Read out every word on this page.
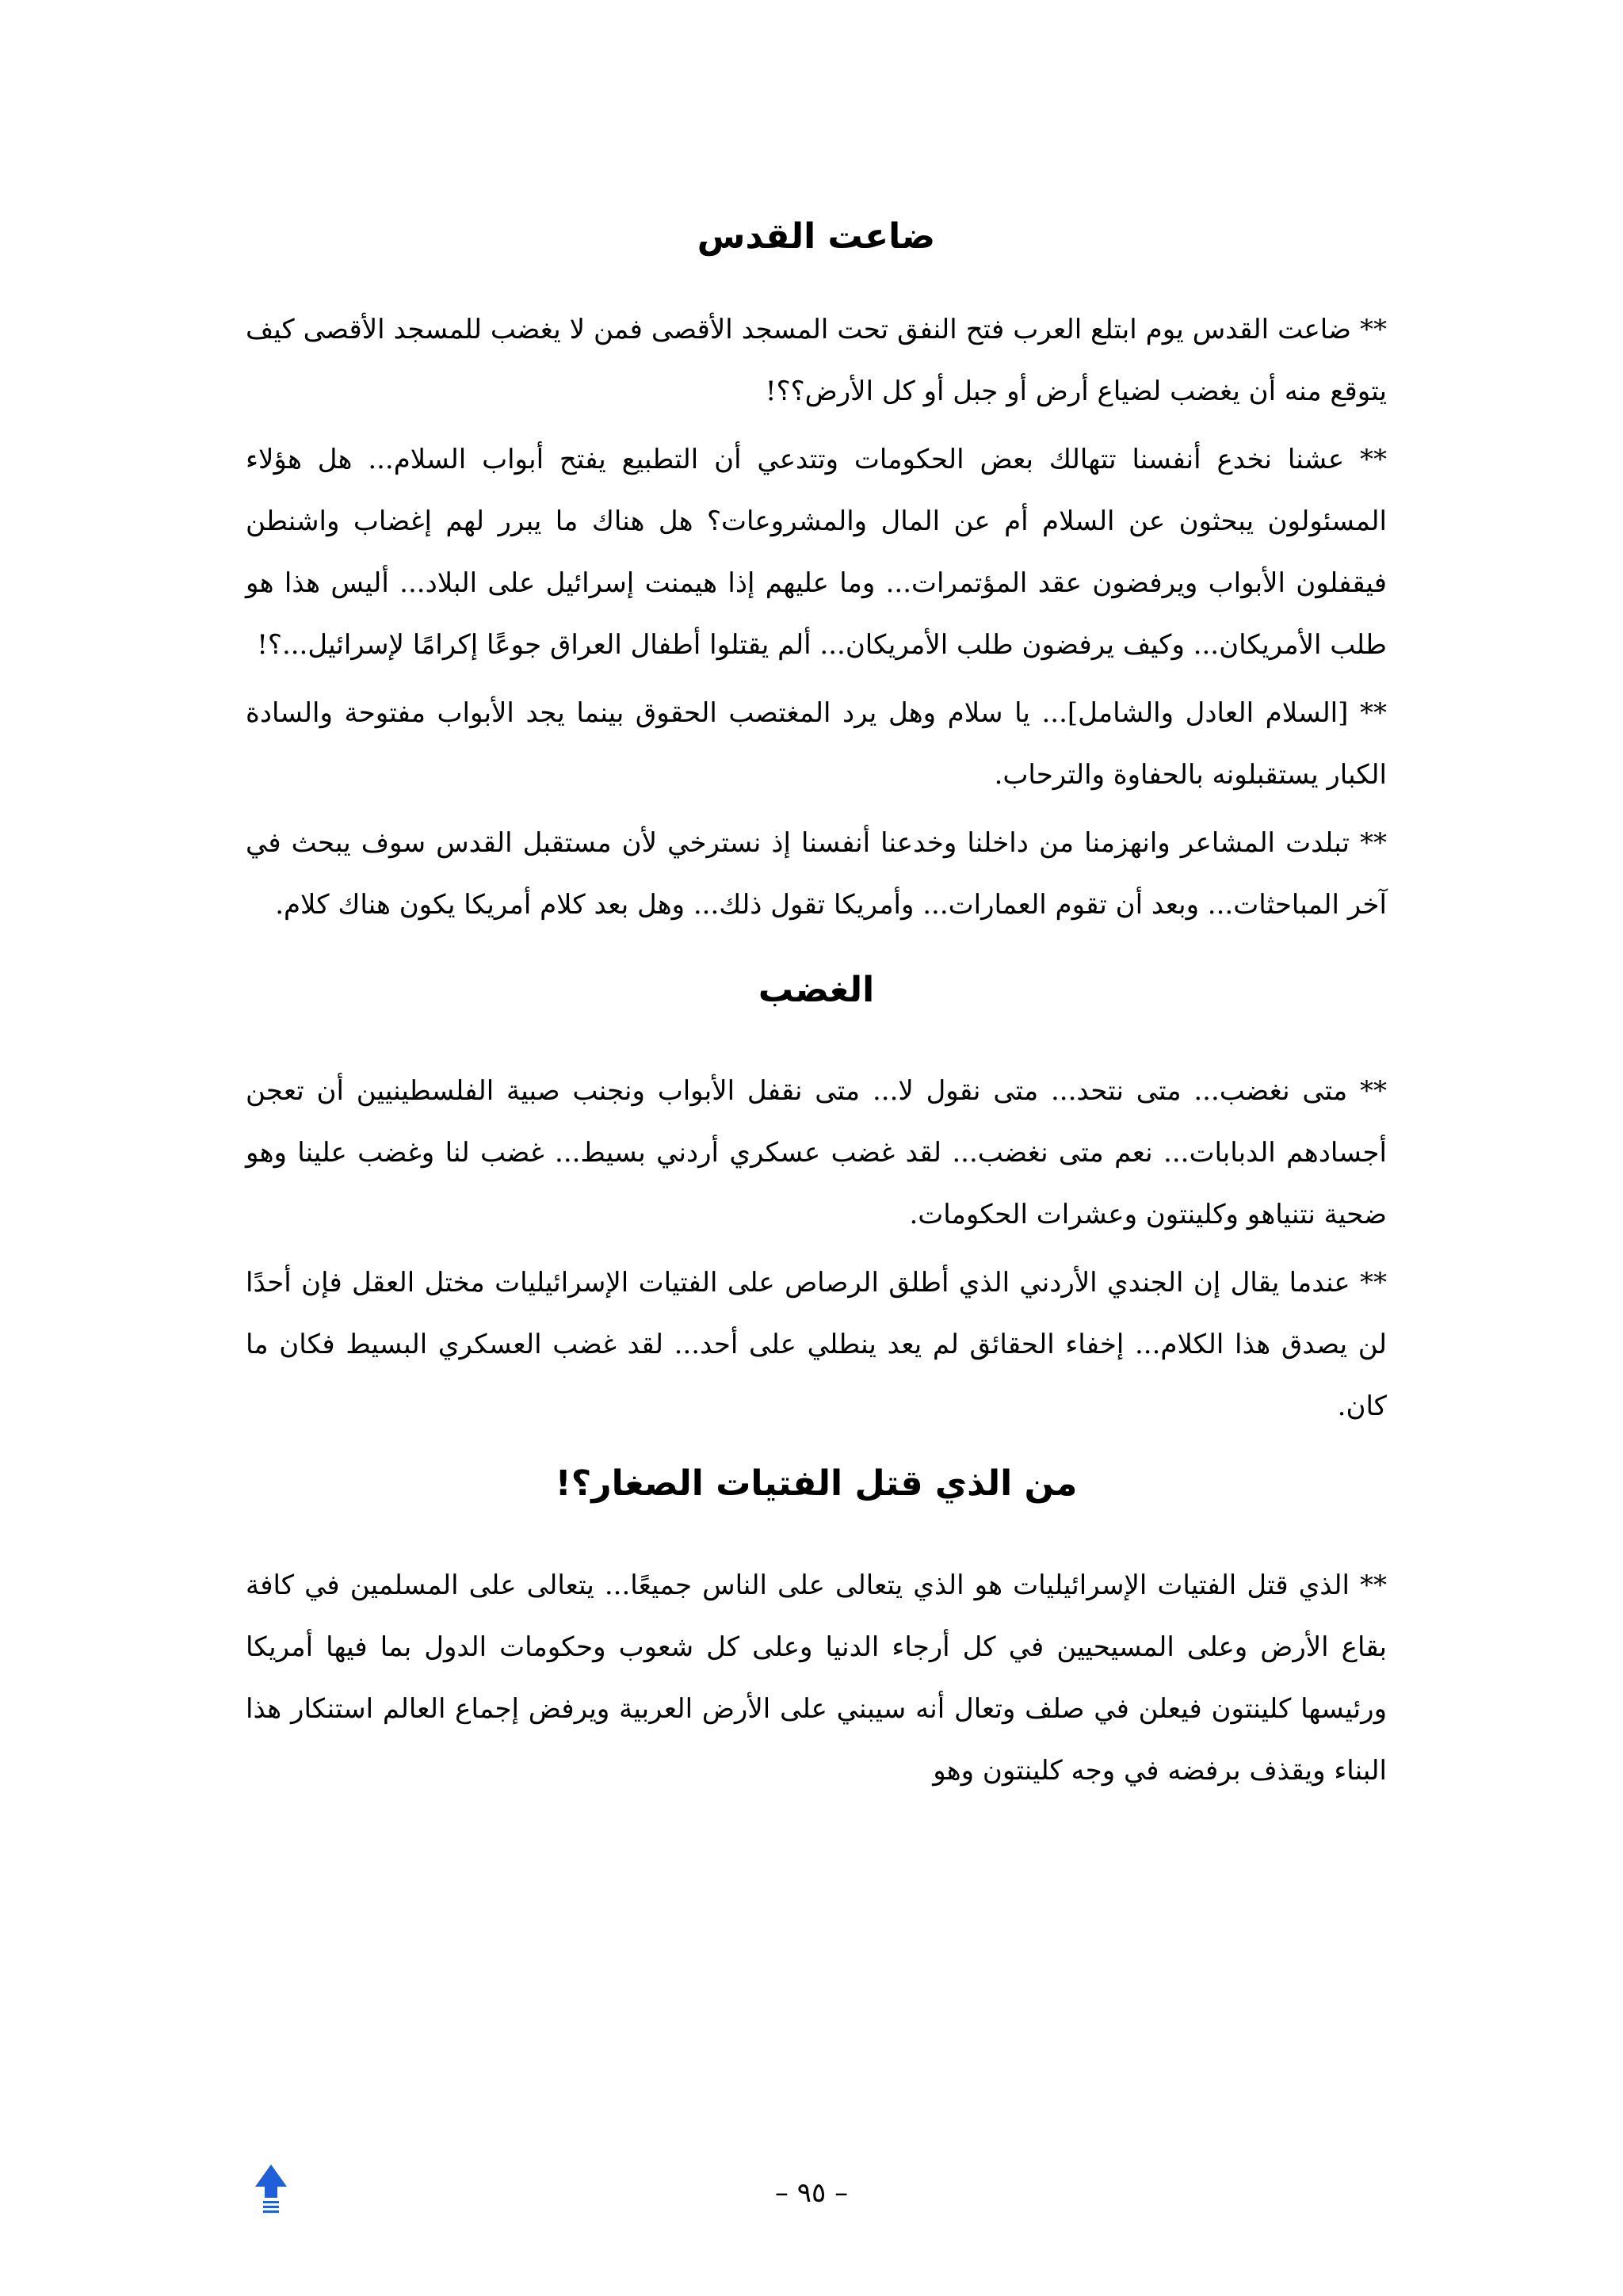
ضاعت القدس

** ضاعت القدس يوم ابتلع العرب فتح النفق تحت المسجد الأقصى فمن لا يغضب للمسجد الأقصى كيف يتوقع منه أن يغضب لضياع أرض أو جبل أو كل الأرض؟؟!

** عشنا نخدع أنفسنا تتهالك بعض الحكومات وتتدعي أن التطبيع يفتح أبواب السلام... هل هؤلاء المسئولون يبحثون عن السلام أم عن المال والمشروعات؟ هل هناك ما يبرر لهم إغضاب واشنطن فيقفلون الأبواب ويرفضون عقد المؤتمرات... وما عليهم إذا هيمنت إسرائيل على البلاد... أليس هذا هو طلب الأمريكان... وكيف يرفضون طلب الأمريكان... ألم يقتلوا أطفال العراق جوعًا إكرامًا لإسرائيل...؟!

** [السلام العادل والشامل]... يا سلام وهل يرد المغتصب الحقوق بينما يجد الأبواب مفتوحة والسادة الكبار يستقبلونه بالحفاوة والترحاب.

** تبلدت المشاعر وانهزمنا من داخلنا وخدعنا أنفسنا إذ نسترخي لأن مستقبل القدس سوف يبحث في آخر المباحثات... وبعد أن تقوم العمارات... وأمريكا تقول ذلك... وهل بعد كلام أمريكا يكون هناك كلام.

الغضب

** متى نغضب... متى نتحد... متى نقول لا... متى نقفل الأبواب ونجنب صبية الفلسطينيين أن تعجن أجسادهم الدبابات... نعم متى نغضب... لقد غضب عسكري أردني بسيط... غضب لنا وغضب علينا وهو ضحية نتنياهو وكلينتون وعشرات الحكومات.

** عندما يقال إن الجندي الأردني الذي أطلق الرصاص على الفتيات الإسرائيليات مختل العقل فإن أحدًا لن يصدق هذا الكلام... إخفاء الحقائق لم يعد ينطلي على أحد... لقد غضب العسكري البسيط فكان ما كان.

من الذي قتل الفتيات الصغار؟!

** الذي قتل الفتيات الإسرائيليات هو الذي يتعالى على الناس جميعًا... يتعالى على المسلمين في كافة بقاع الأرض وعلى المسيحيين في كل أرجاء الدنيا وعلى كل شعوب وحكومات الدول بما فيها أمريكا ورئيسها كلينتون فيعلن في صلف وتعال أنه سيبني على الأرض العربية ويرفض إجماع العالم استنكار هذا البناء ويقذف برفضه في وجه كلينتون وهو

– ٩٥ –
